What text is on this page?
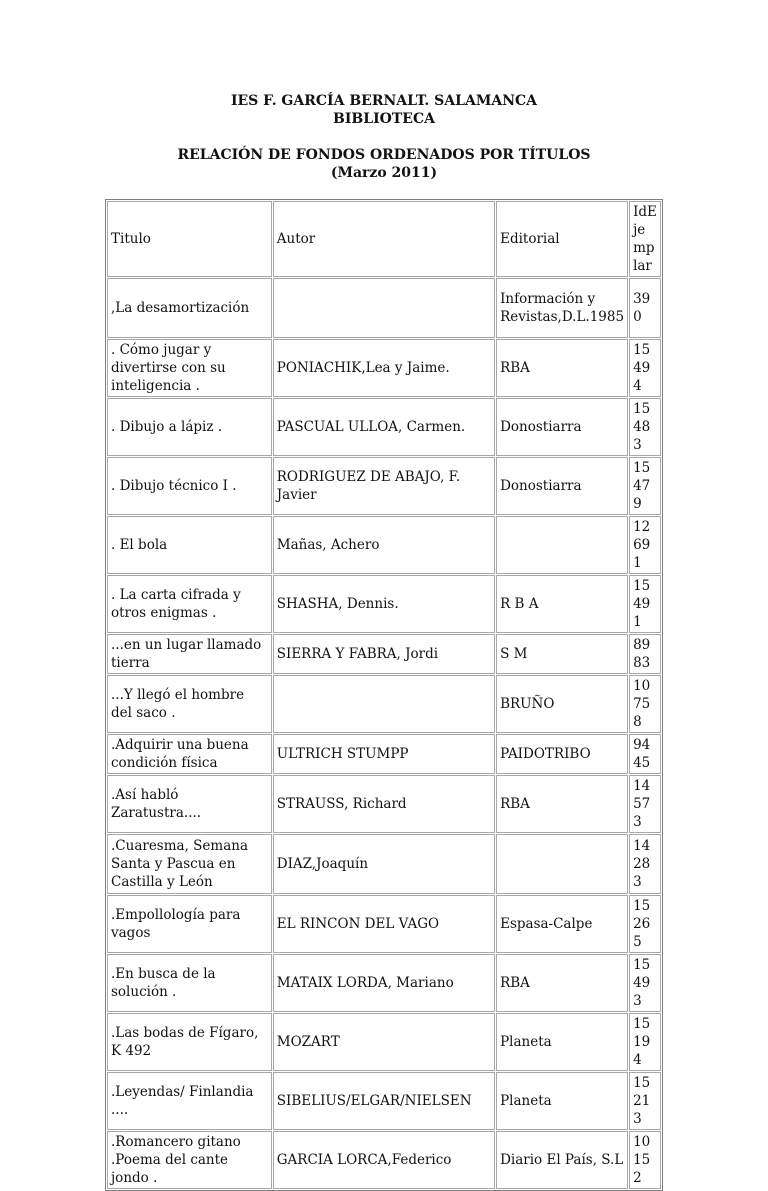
IES F. GARCÍA BERNALT. SALAMANCA
BIBLIOTECA
RELACIÓN DE FONDOS ORDENADOS POR TÍTULOS
(Marzo 2011)
Titulo	Autor	Editorial	IdEjemplar
,La desamortización		Información y Revistas,D.L.1985	390
. Cómo jugar y divertirse con su inteligencia .	PONIACHIK,Lea y Jaime.	RBA	15494
. Dibujo a lápiz .	PASCUAL ULLOA, Carmen.	Donostiarra	15483
. Dibujo técnico I .	RODRIGUEZ DE ABAJO, F. Javier	Donostiarra	15479
. El bola	Mañas, Achero		12691
. La carta cifrada y otros enigmas .	SHASHA, Dennis.	R B A	15491
...en un lugar llamado tierra	SIERRA Y FABRA, Jordi	S M	8983
...Y llegó el hombre del saco .		BRUÑO	10758
.Adquirir una buena condición física	ULTRICH STUMPP	PAIDOTRIBO	9445
.Así habló Zaratustra....	STRAUSS, Richard	RBA	14573
.Cuaresma, Semana Santa y Pascua en Castilla y León	DIAZ,Joaquín		14283
.Empollología para vagos	EL RINCON DEL VAGO	Espasa-Calpe	15265
.En busca de la solución .	MATAIX LORDA, Mariano	RBA	15493
.Las bodas de Fígaro, K 492	MOZART	Planeta	15194
.Leyendas/ Finlandia ....	SIBELIUS/ELGAR/NIELSEN	Planeta	15213
.Romancero gitano .Poema del cante jondo .	GARCIA LORCA,Federico	Diario El País, S.L	10152
